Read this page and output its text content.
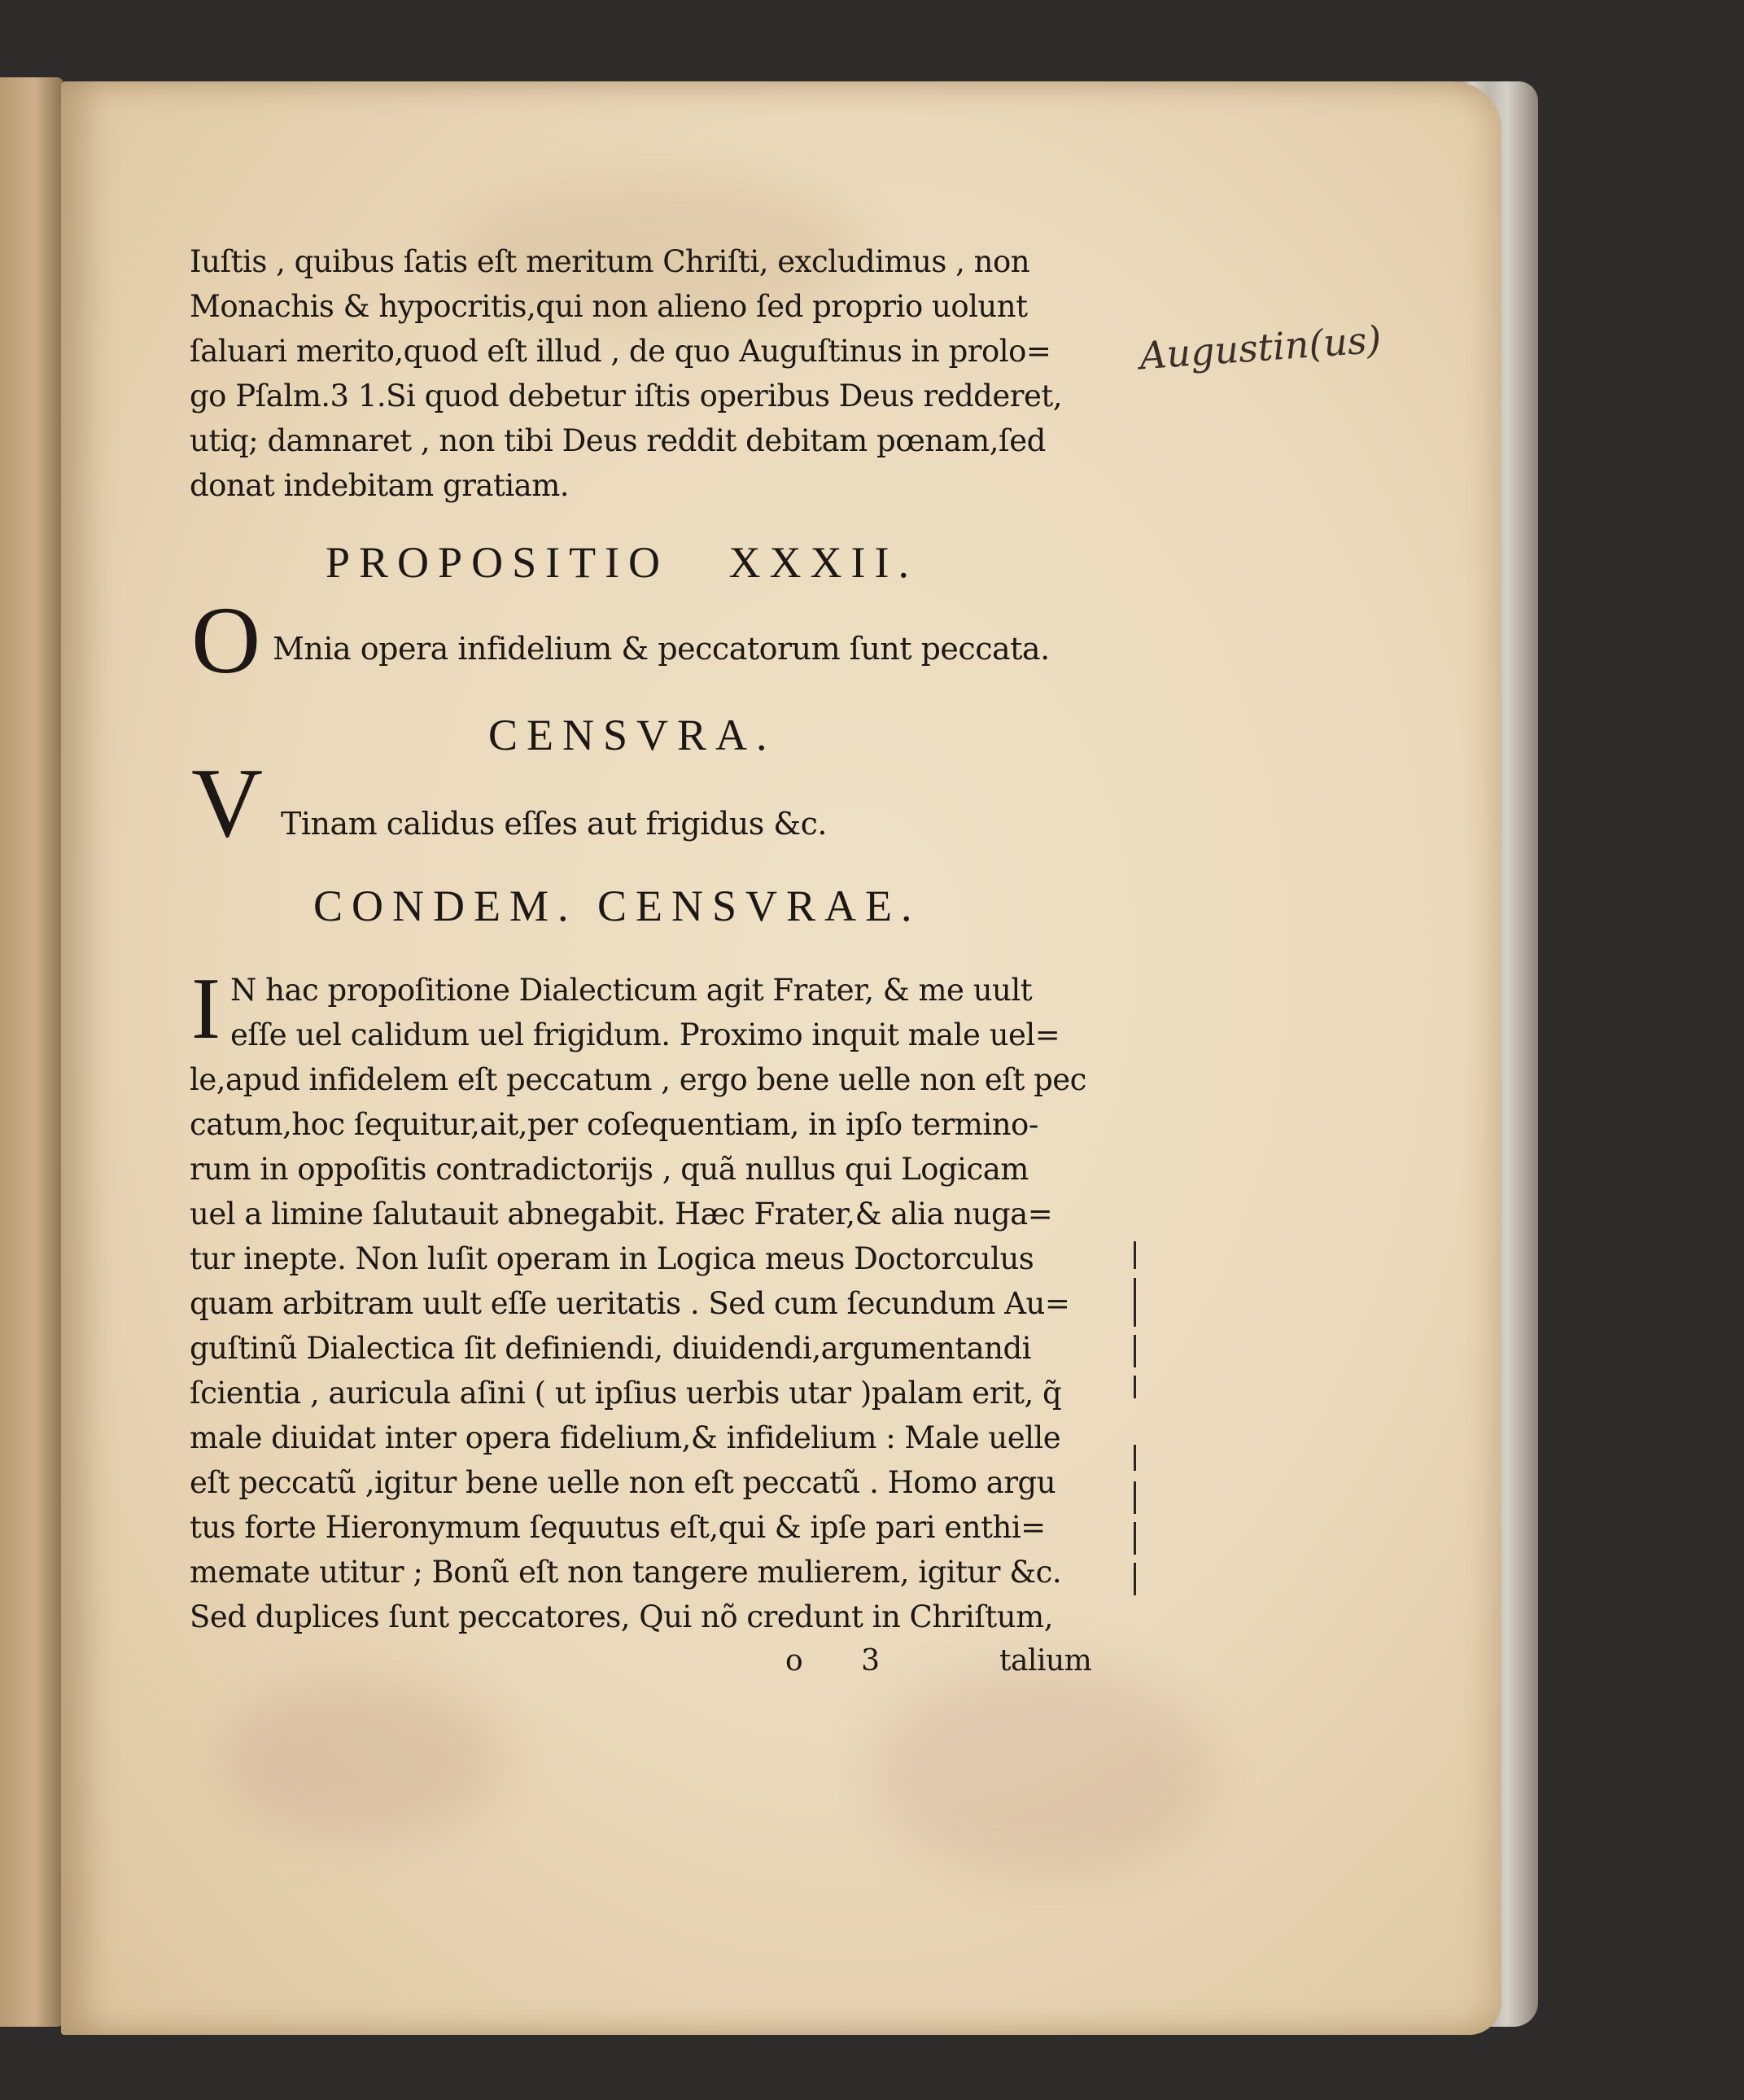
Iuſtis , quibus ſatis eſt meritum Chriſti, excludimus , non
Monachis & hypocritis,qui non alieno ſed proprio uolunt
ſaluari merito,quod eſt illud , de quo Auguſtinus in prolo=
go Pſalm.3 1.Si quod debetur iſtis operibus Deus redderet,
utiq; damnaret , non tibi Deus reddit debitam pœnam,ſed
donat indebitam gratiam.
Augustin(us)
PROPOSITIO   XXXII.
O Mnia opera infidelium & peccatorum ſunt peccata.
CENSVRA.
V Tinam calidus eſſes aut frigidus &c.
CONDEM. CENSVRAE.
I N hac propoſitione Dialecticum agit Frater, & me uult
eſſe uel calidum uel frigidum. Proximo inquit male uel=
le,apud infidelem eſt peccatum , ergo bene uelle non eſt pec
catum,hoc ſequitur,ait,per coſequentiam, in ipſo termino-
rum in oppoſitis contradictorijs , quã nullus qui Logicam
uel a limine ſalutauit abnegabit. Hæc Frater,& alia nuga=
tur inepte. Non luſit operam in Logica meus Doctorculus
quam arbitram uult eſſe ueritatis . Sed cum ſecundum Au=
guſtinũ Dialectica ſit definiendi, diuidendi,argumentandi
ſcientia , auricula aſini ( ut ipſius uerbis utar )palam erit, q̃
male diuidat inter opera fidelium,& infidelium : Male uelle
eſt peccatũ ,igitur bene uelle non eſt peccatũ . Homo argu
tus forte Hieronymum ſequutus eſt,qui & ipſe pari enthi=
memate utitur ; Bonũ eſt non tangere mulierem, igitur &c.
Sed duplices ſunt peccatores, Qui nõ credunt in Chriſtum,
o 3	talium
